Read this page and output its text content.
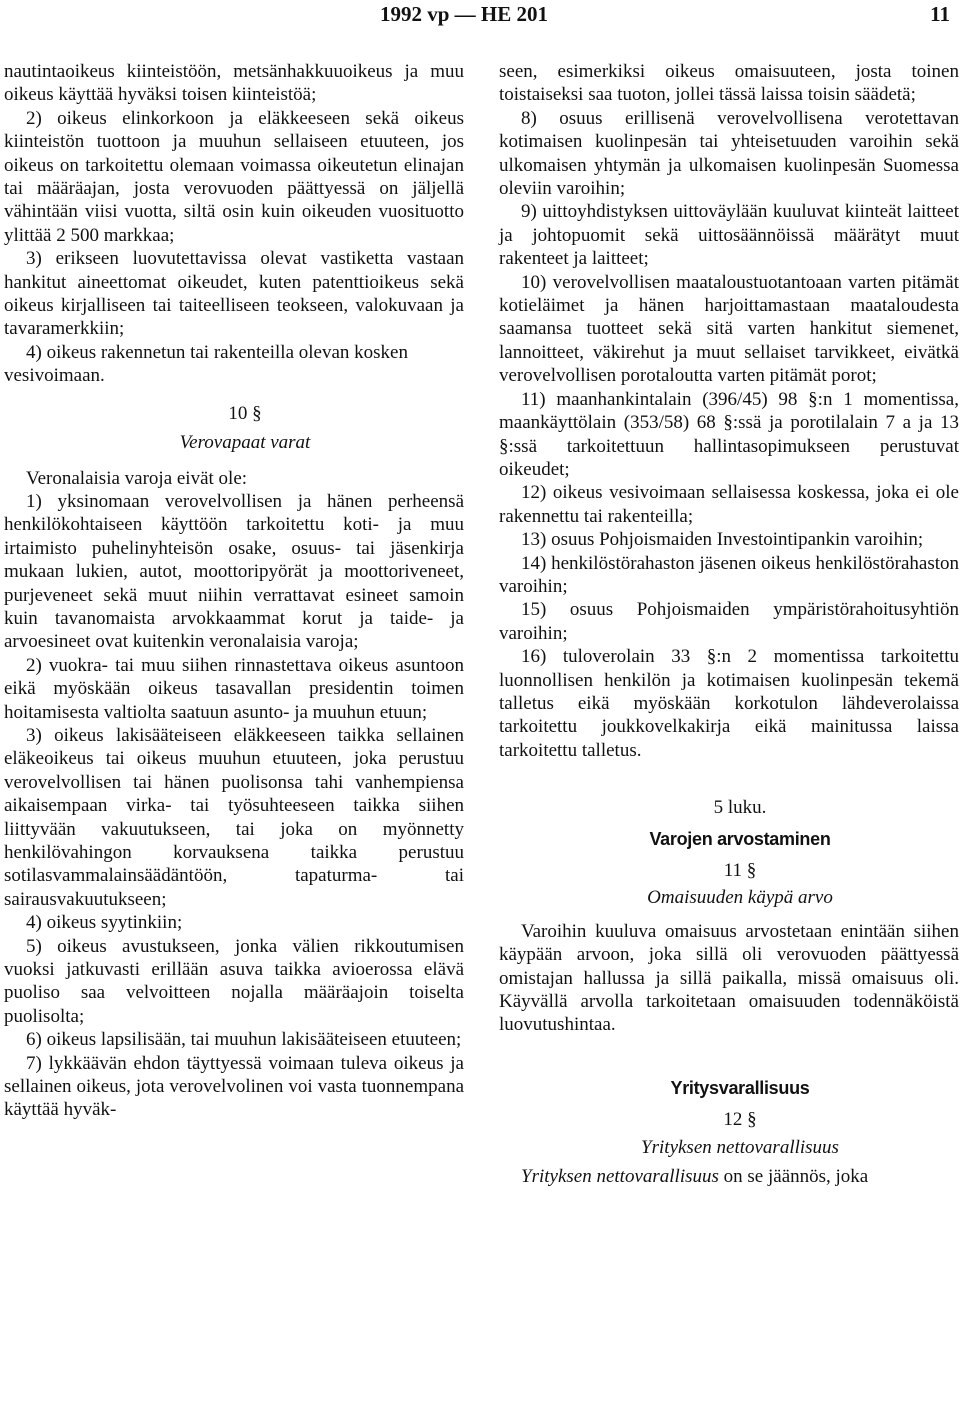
1992 vp — HE 201	11

nautintaoikeus kiinteistöön, metsänhakkuuoikeus ja muu oikeus käyttää hyväksi toisen kiinteistöä;

2) oikeus elinkorkoon ja eläkkeeseen sekä oikeus kiinteistön tuottoon ja muuhun sellaiseen etuuteen, jos oikeus on tarkoitettu olemaan voimassa oikeutetun elinajan tai määräajan, josta verovuoden päättyessä on jäljellä vähintään viisi vuotta, siltä osin kuin oikeuden vuosituotto ylittää 2 500 markkaa;

3) erikseen luovutettavissa olevat vastiketta vastaan hankitut aineettomat oikeudet, kuten patenttioikeus sekä oikeus kirjalliseen tai taiteelliseen teokseen, valokuvaan ja tavaramerkkiin;

4) oikeus rakennetun tai rakenteilla olevan kosken vesivoimaan.

10 §

Verovapaat varat

Veronalaisia varoja eivät ole:

1) yksinomaan verovelvollisen ja hänen perheensä henkilökohtaiseen käyttöön tarkoitettu koti- ja muu irtaimisto puhelinyhteisön osake, osuus- tai jäsenkirja mukaan lukien, autot, moottoripyörät ja moottoriveneet, purjeveneet sekä muut niihin verrattavat esineet samoin kuin tavanomaista arvokkaammat korut ja taide- ja arvoesineet ovat kuitenkin veronalaisia varoja;

2) vuokra- tai muu siihen rinnastettava oikeus asuntoon eikä myöskään oikeus tasavallan presidentin toimen hoitamisesta valtiolta saatuun asunto- ja muuhun etuun;

3) oikeus lakisääteiseen eläkkeeseen taikka sellainen eläkeoikeus tai oikeus muuhun etuuteen, joka perustuu verovelvollisen tai hänen puolisonsa tahi vanhempiensa aikaisempaan virka- tai työsuhteeseen taikka siihen liittyvään vakuutukseen, tai joka on myönnetty henkilövahingon korvauksena taikka perustuu sotilasvammalainsäädäntöön, tapaturma- tai sairausvakuutukseen;

4) oikeus syytinkiin;

5) oikeus avustukseen, jonka välien rikkoutumisen vuoksi jatkuvasti erillään asuva taikka avioerossa elävä puoliso saa velvoitteen nojalla määräajoin toiselta puolisolta;

6) oikeus lapsilisään, tai muuhun lakisääteiseen etuuteen;

7) lykkäävän ehdon täyttyessä voimaan tuleva oikeus ja sellainen oikeus, jota verovelvolinen voi vasta tuonnempana käyttää hyväk-

seen, esimerkiksi oikeus omaisuuteen, josta toinen toistaiseksi saa tuoton, jollei tässä laissa toisin säädetä;

8) osuus erillisenä verovelvollisena verotettavan kotimaisen kuolinpesän tai yhteisetuuden varoihin sekä ulkomaisen yhtymän ja ulkomaisen kuolinpesän Suomessa oleviin varoihin;

9) uittoyhdistyksen uittoväylään kuuluvat kiinteät laitteet ja johtopuomit sekä uittosäännöissä määrätyt muut rakenteet ja laitteet;

10) verovelvollisen maataloustuotantoaan varten pitämät kotieläimet ja hänen harjoittamastaan maataloudesta saamansa tuotteet sekä sitä varten hankitut siemenet, lannoitteet, väkirehut ja muut sellaiset tarvikkeet, eivätkä verovelvollisen porotaloutta varten pitämät porot;

11) maanhankintalain (396/45) 98 §:n 1 momentissa, maankäyttölain (353/58) 68 §:ssä ja porotilalain 7 a ja 13 §:ssä tarkoitettuun hallintasopimukseen perustuvat oikeudet;

12) oikeus vesivoimaan sellaisessa koskessa, joka ei ole rakennettu tai rakenteilla;

13) osuus Pohjoismaiden Investointipankin varoihin;

14) henkilöstörahaston jäsenen oikeus henkilöstörahaston varoihin;

15) osuus Pohjoismaiden ympäristörahoitusyhtiön varoihin;

16) tuloverolain 33 §:n 2 momentissa tarkoitettu luonnollisen henkilön ja kotimaisen kuolinpesän tekemä talletus eikä myöskään korkotulon lähdeverolaissa tarkoitettu joukkovelkakirja eikä mainitussa laissa tarkoitettu talletus.

5 luku.

Varojen arvostaminen

11 §

Omaisuuden käypä arvo

Varoihin kuuluva omaisuus arvostetaan enintään siihen käypään arvoon, joka sillä oli verovuoden päättyessä omistajan hallussa ja sillä paikalla, missä omaisuus oli. Käyvällä arvolla tarkoitetaan omaisuuden todennäköistä luovutushintaa.

Yritysvarallisuus

12 §

Yrityksen nettovarallisuus

Yrityksen nettovarallisuus on se jäännös, joka
